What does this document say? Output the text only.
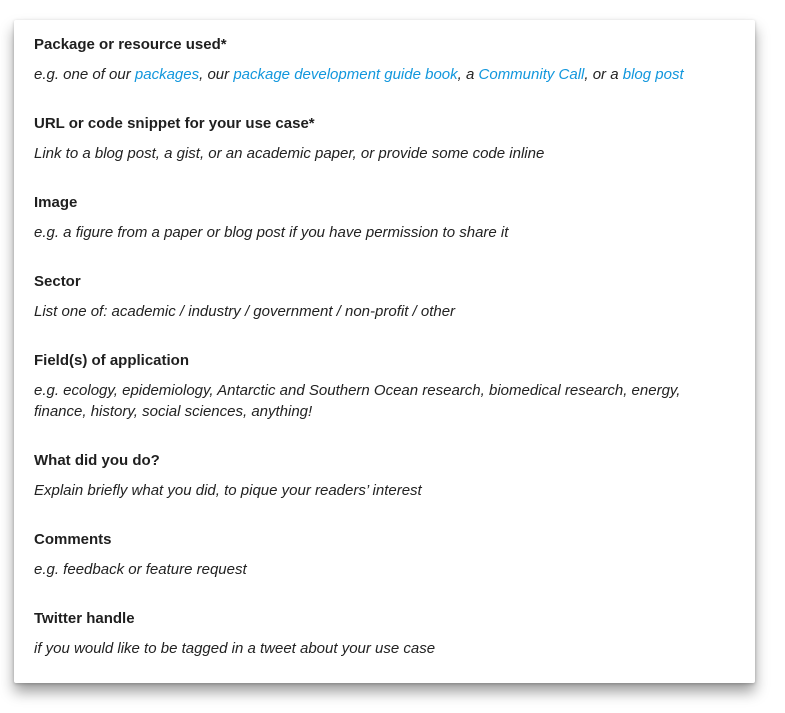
Package or resource used*

e.g. one of our packages, our package development guide book, a Community Call, or a blog post

URL or code snippet for your use case*

Link to a blog post, a gist, or an academic paper, or provide some code inline

Image

e.g. a figure from a paper or blog post if you have permission to share it

Sector

List one of: academic / industry / government / non-profit / other

Field(s) of application

e.g. ecology, epidemiology, Antarctic and Southern Ocean research, biomedical research, energy, finance, history, social sciences, anything!

What did you do?

Explain briefly what you did, to pique your readers’ interest

Comments

e.g. feedback or feature request

Twitter handle

if you would like to be tagged in a tweet about your use case
